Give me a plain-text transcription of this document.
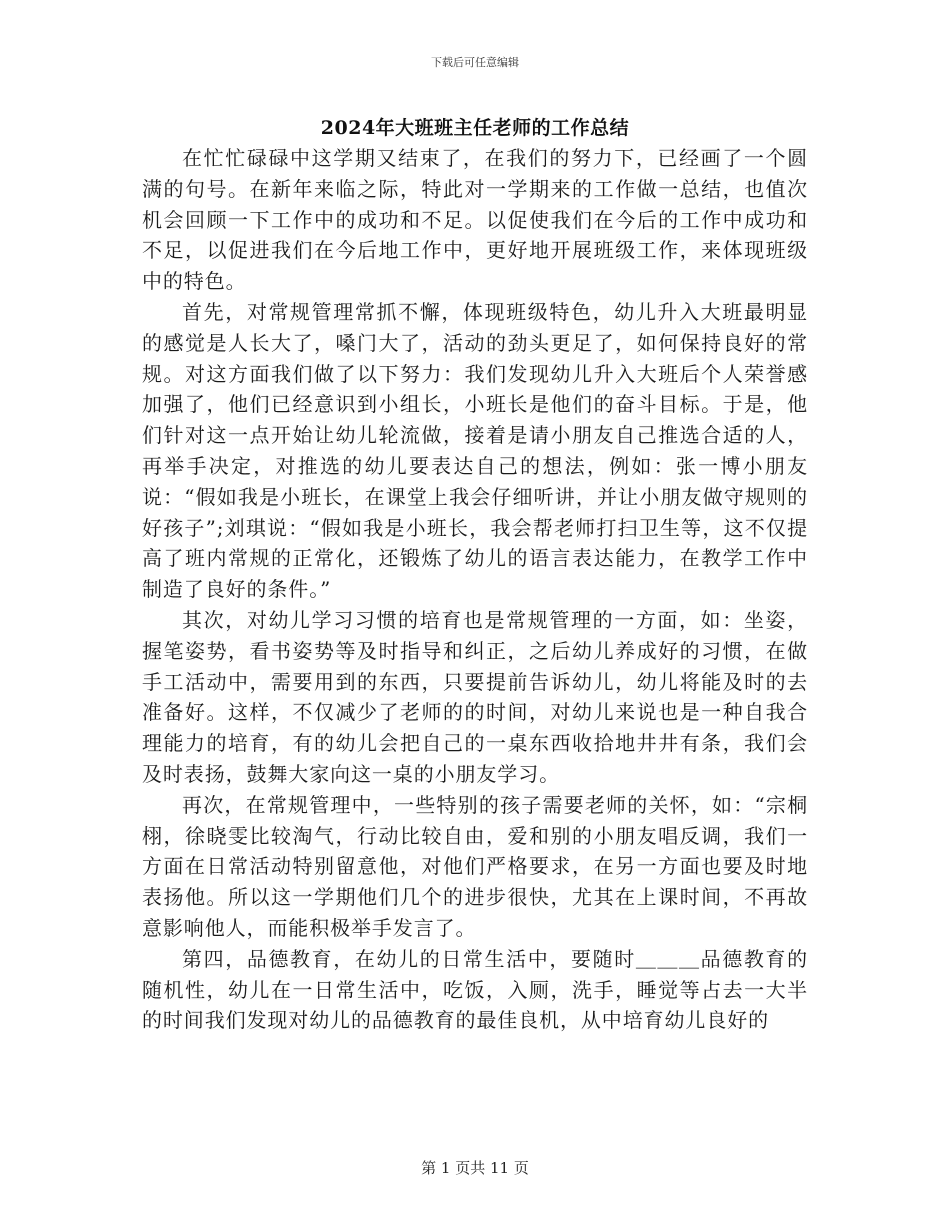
下载后可任意编辑
2024年大班班主任老师的工作总结

在忙忙碌碌中这学期又结束了，在我们的努力下，已经画了一个圆满的句号。在新年来临之际，特此对一学期来的工作做一总结，也值次机会回顾一下工作中的成功和不足。以促使我们在今后的工作中成功和不足，以促进我们在今后地工作中，更好地开展班级工作，来体现班级中的特色。

首先，对常规管理常抓不懈，体现班级特色，幼儿升入大班最明显的感觉是人长大了，嗓门大了，活动的劲头更足了，如何保持良好的常规。对这方面我们做了以下努力：我们发现幼儿升入大班后个人荣誉感加强了，他们已经意识到小组长，小班长是他们的奋斗目标。于是，他们针对这一点开始让幼儿轮流做，接着是请小朋友自己推选合适的人，再举手决定，对推选的幼儿要表达自己的想法，例如：张一博小朋友说：“假如我是小班长，在课堂上我会仔细听讲，并让小朋友做守规则的好孩子”;刘琪说：“假如我是小班长，我会帮老师打扫卫生等，这不仅提高了班内常规的正常化，还锻炼了幼儿的语言表达能力，在教学工作中制造了良好的条件。”

其次，对幼儿学习习惯的培育也是常规管理的一方面，如：坐姿，握笔姿势，看书姿势等及时指导和纠正，之后幼儿养成好的习惯，在做手工活动中，需要用到的东西，只要提前告诉幼儿，幼儿将能及时的去准备好。这样，不仅减少了老师的的时间，对幼儿来说也是一种自我合理能力的培育，有的幼儿会把自己的一桌东西收拾地井井有条，我们会及时表扬，鼓舞大家向这一桌的小朋友学习。

再次，在常规管理中，一些特别的孩子需要老师的关怀，如：“宗桐栩，徐晓雯比较淘气，行动比较自由，爱和别的小朋友唱反调，我们一方面在日常活动特别留意他，对他们严格要求，在另一方面也要及时地表扬他。所以这一学期他们几个的进步很快，尤其在上课时间，不再故意影响他人，而能积极举手发言了。

第四，品德教育，在幼儿的日常生活中，要随时＿＿＿品德教育的随机性，幼儿在一日常生活中，吃饭，入厕，洗手，睡觉等占去一大半的时间我们发现对幼儿的品德教育的最佳良机，从中培育幼儿良好的

第 1 页共 11 页
